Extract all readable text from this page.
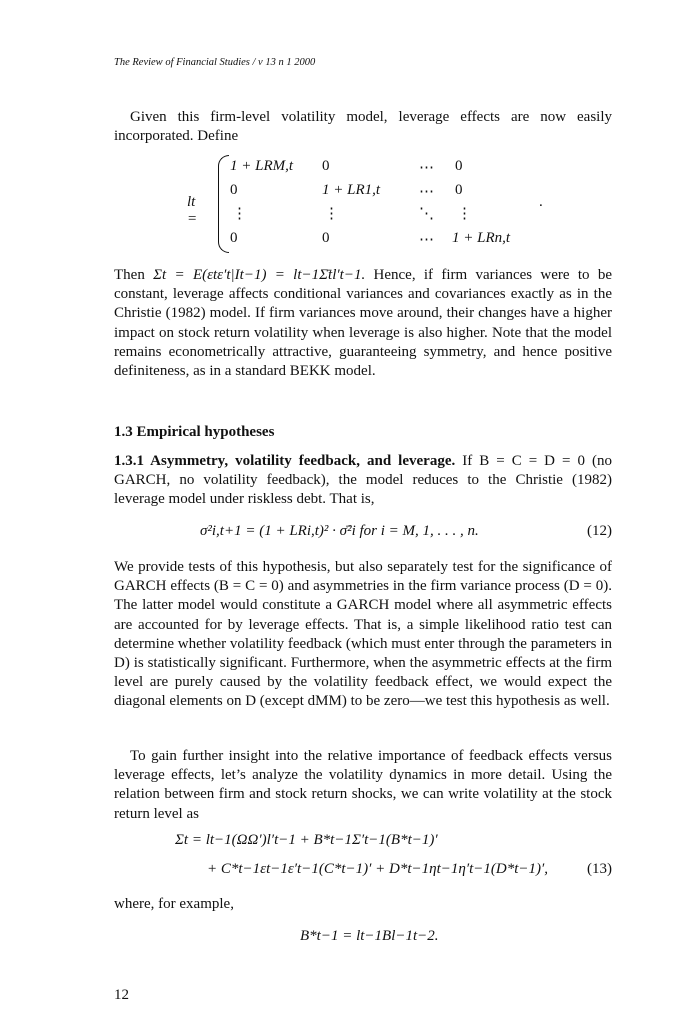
The Review of Financial Studies / v 13 n 1 2000
Given this firm-level volatility model, leverage effects are now easily incorporated. Define
lt =
1 + LRM,t 0	⋯ 0
0	1 + LR1,t	⋯ 0
⋮	⋮	⋱ ⋮
0	0	⋯ 1 + LRn,t
.
Then Σt = E(εtε′t|It−1) = lt−1Σ̄tl′t−1. Hence, if firm variances were to be constant, leverage affects conditional variances and covariances exactly as in the Christie (1982) model. If firm variances move around, their changes have a higher impact on stock return volatility when leverage is also higher. Note that the model remains econometrically attractive, guaranteeing symmetry, and hence positive definiteness, as in a standard BEKK model.
1.3 Empirical hypotheses
1.3.1 Asymmetry, volatility feedback, and leverage. If B = C = D = 0 (no GARCH, no volatility feedback), the model reduces to the Christie (1982) leverage model under riskless debt. That is,
σ²i,t+1 = (1 + LRi,t)² · σ̄²i for i = M, 1, . . . , n.	(12)
We provide tests of this hypothesis, but also separately test for the significance of GARCH effects (B = C = 0) and asymmetries in the firm variance process (D = 0). The latter model would constitute a GARCH model where all asymmetric effects are accounted for by leverage effects. That is, a simple likelihood ratio test can determine whether volatility feedback (which must enter through the parameters in D) is statistically significant. Furthermore, when the asymmetric effects at the firm level are purely caused by the volatility feedback effect, we would expect the diagonal elements on D (except dMM) to be zero—we test this hypothesis as well.
To gain further insight into the relative importance of feedback effects versus leverage effects, let’s analyze the volatility dynamics in more detail. Using the relation between firm and stock return shocks, we can write volatility at the stock return level as
Σt = lt−1(ΩΩ′)l′t−1 + B*t−1Σ′t−1(B*t−1)′
+ C*t−1εt−1ε′t−1(C*t−1)′ + D*t−1ηt−1η′t−1(D*t−1)′,	(13)
where, for example,
B*t−1 = lt−1Bl−1t−2.
12
